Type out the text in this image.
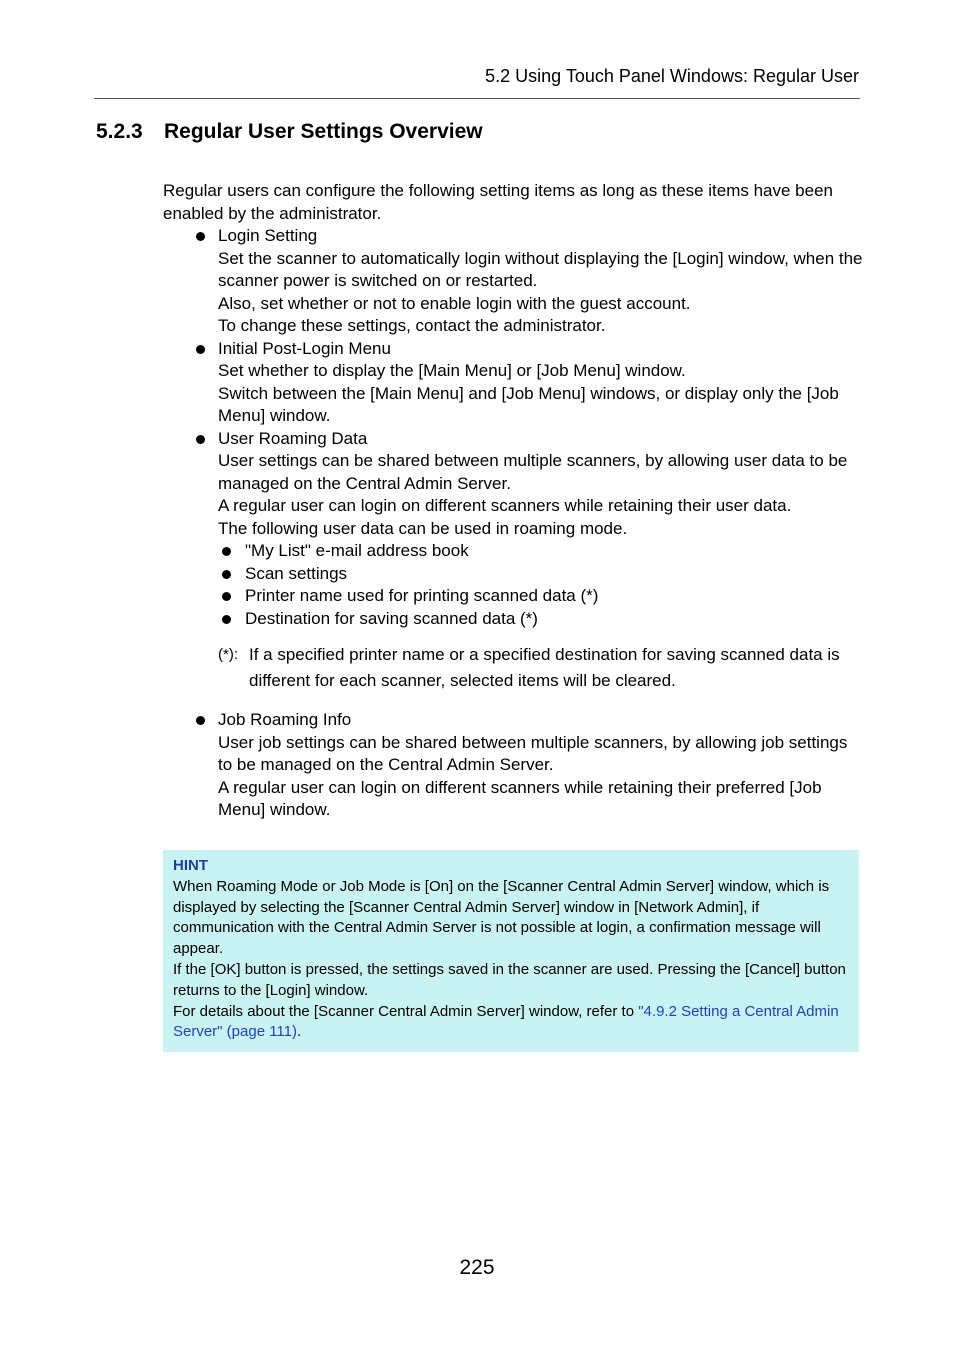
5.2 Using Touch Panel Windows: Regular User
5.2.3 Regular User Settings Overview

Regular users can configure the following setting items as long as these items have been enabled by the administrator.

Login Setting

Set the scanner to automatically login without displaying the [Login] window, when the scanner power is switched on or restarted.

Also, set whether or not to enable login with the guest account.

To change these settings, contact the administrator.

Initial Post-Login Menu

Set whether to display the [Main Menu] or [Job Menu] window.

Switch between the [Main Menu] and [Job Menu] windows, or display only the [Job Menu] window.

User Roaming Data

User settings can be shared between multiple scanners, by allowing user data to be managed on the Central Admin Server.

A regular user can login on different scanners while retaining their user data.

The following user data can be used in roaming mode.

"My List" e-mail address book
Scan settings
Printer name used for printing scanned data (*)
Destination for saving scanned data (*)
(*): If a specified printer name or a specified destination for saving scanned data is different for each scanner, selected items will be cleared.

Job Roaming Info

User job settings can be shared between multiple scanners, by allowing job settings to be managed on the Central Admin Server.

A regular user can login on different scanners while retaining their preferred [Job Menu] window.

HINT

When Roaming Mode or Job Mode is [On] on the [Scanner Central Admin Server] window, which is displayed by selecting the [Scanner Central Admin Server] window in [Network Admin], if communication with the Central Admin Server is not possible at login, a confirmation message will appear.

If the [OK] button is pressed, the settings saved in the scanner are used. Pressing the [Cancel] button returns to the [Login] window.

For details about the [Scanner Central Admin Server] window, refer to "4.9.2 Setting a Central Admin Server" (page 111).

225
